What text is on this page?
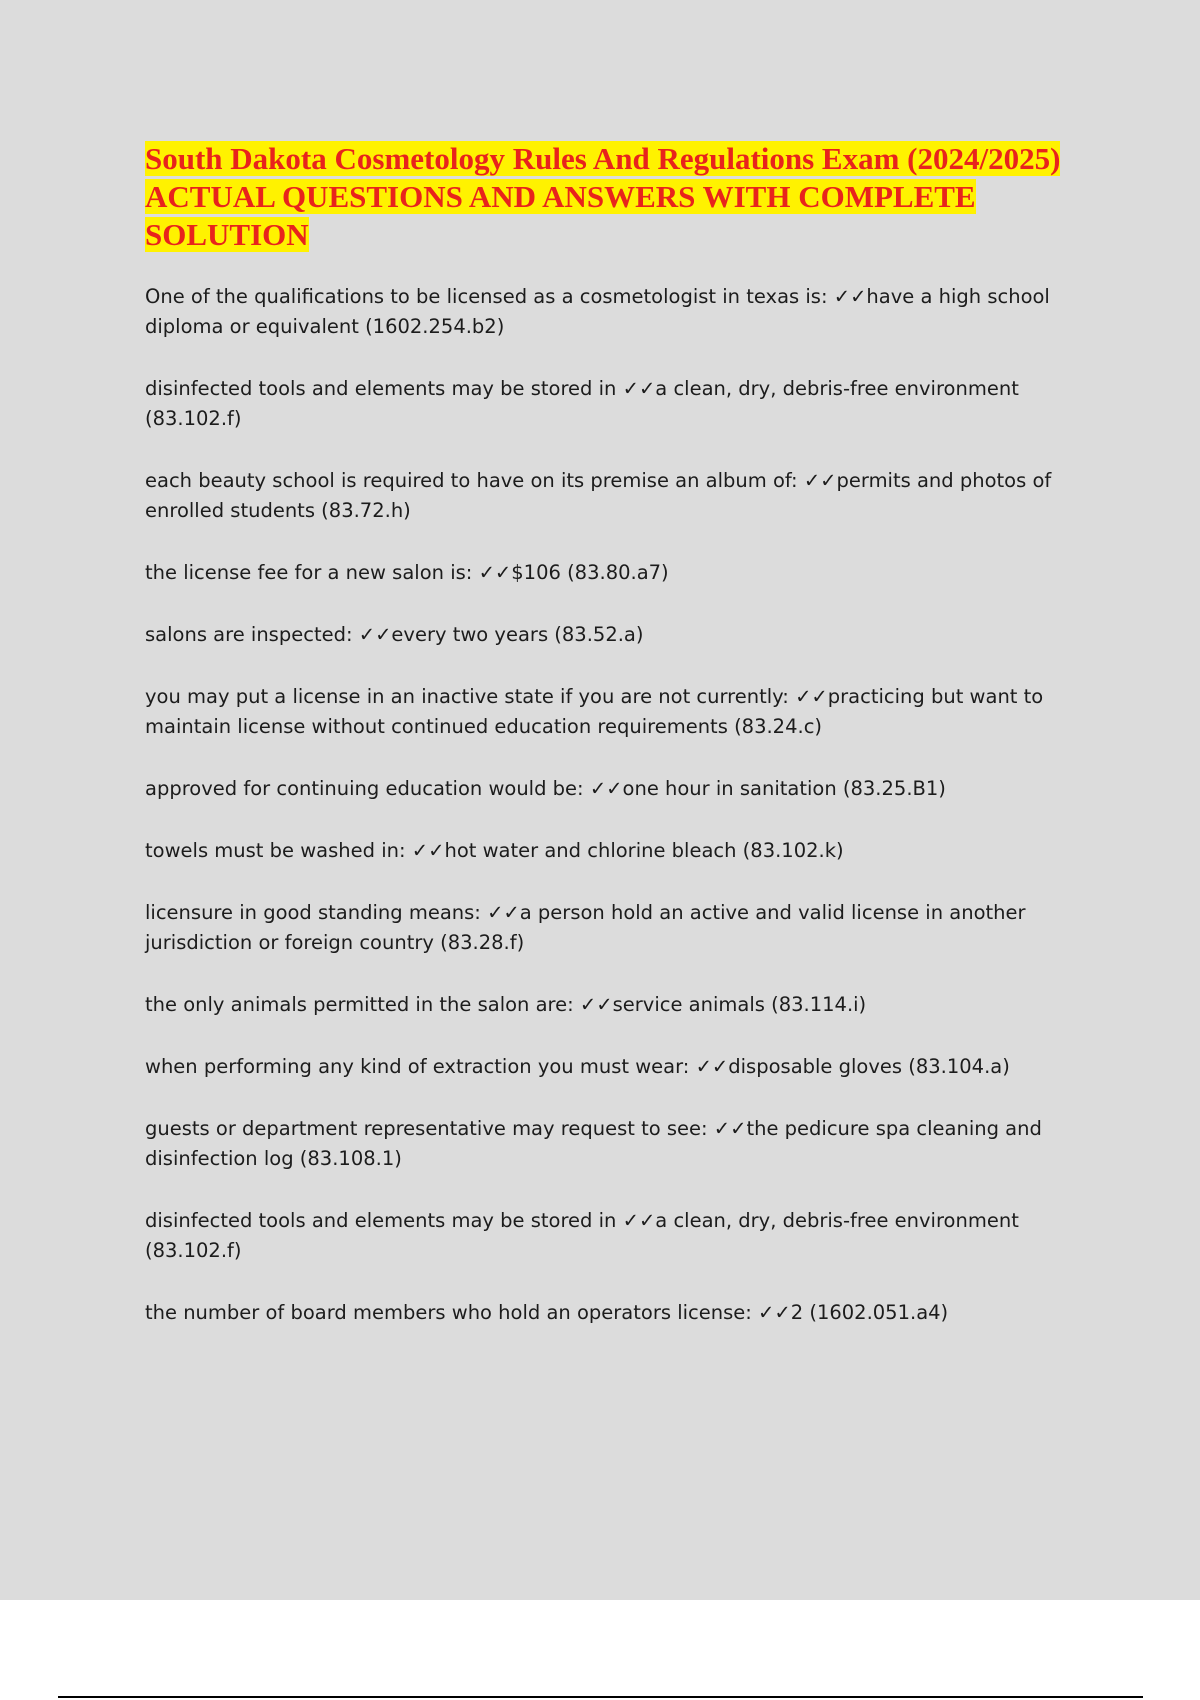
South Dakota Cosmetology Rules And Regulations Exam (2024/2025) ACTUAL QUESTIONS AND ANSWERS WITH COMPLETE SOLUTION

One of the qualifications to be licensed as a cosmetologist in texas is: ✓✓have a high school diploma or equivalent (1602.254.b2)

disinfected tools and elements may be stored in ✓✓a clean, dry, debris-free environment (83.102.f)

each beauty school is required to have on its premise an album of: ✓✓permits and photos of enrolled students (83.72.h)

the license fee for a new salon is: ✓✓$106 (83.80.a7)

salons are inspected: ✓✓every two years (83.52.a)

you may put a license in an inactive state if you are not currently: ✓✓practicing but want to maintain license without continued education requirements (83.24.c)

approved for continuing education would be: ✓✓one hour in sanitation (83.25.B1)

towels must be washed in: ✓✓hot water and chlorine bleach (83.102.k)

licensure in good standing means: ✓✓a person hold an active and valid license in another jurisdiction or foreign country (83.28.f)

the only animals permitted in the salon are: ✓✓service animals (83.114.i)

when performing any kind of extraction you must wear: ✓✓disposable gloves (83.104.a)

guests or department representative may request to see: ✓✓the pedicure spa cleaning and disinfection log (83.108.1)

disinfected tools and elements may be stored in ✓✓a clean, dry, debris-free environment (83.102.f)

the number of board members who hold an operators license: ✓✓2 (1602.051.a4)
